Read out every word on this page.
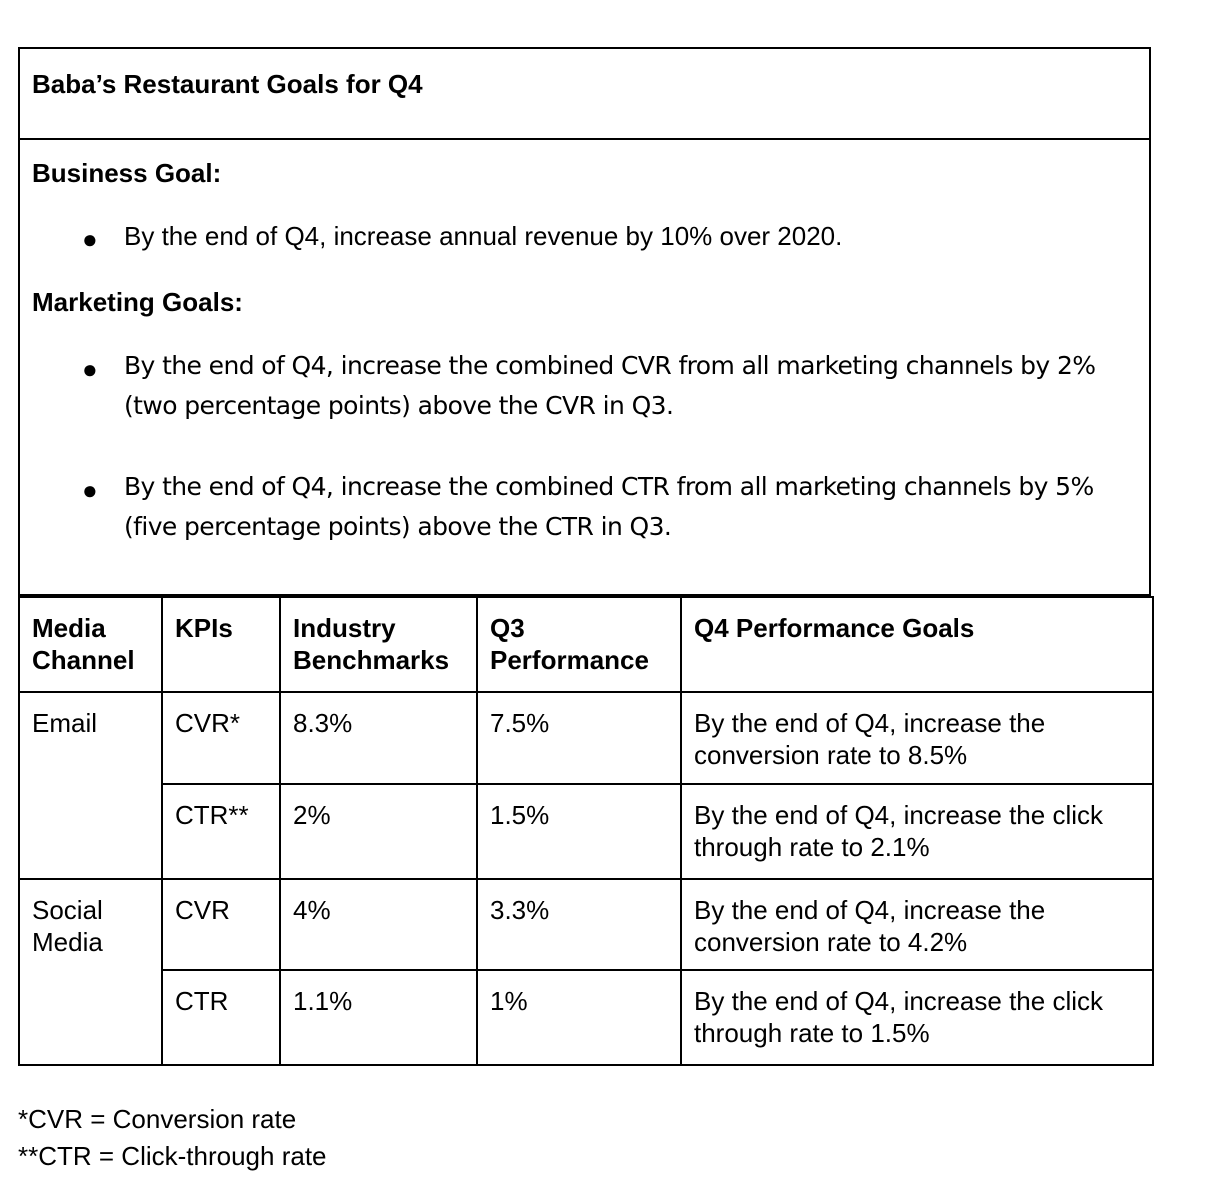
Baba’s Restaurant Goals for Q4
Business Goal:
● By the end of Q4, increase annual revenue by 10% over 2020.
Marketing Goals:
● By the end of Q4, increase the combined CVR from all marketing channels by 2% (two percentage points) above the CVR in Q3.
● By the end of Q4, increase the combined CTR from all marketing channels by 5% (five percentage points) above the CTR in Q3.
Media Channel	KPIs	Industry Benchmarks	Q3 Performance	Q4 Performance Goals
Email	CVR*	8.3%	7.5%	By the end of Q4, increase the conversion rate to 8.5%
	CTR**	2%	1.5%	By the end of Q4, increase the click through rate to 2.1%
Social Media	CVR	4%	3.3%	By the end of Q4, increase the conversion rate to 4.2%
	CTR	1.1%	1%	By the end of Q4, increase the click through rate to 1.5%
*CVR = Conversion rate
**CTR = Click-through rate
